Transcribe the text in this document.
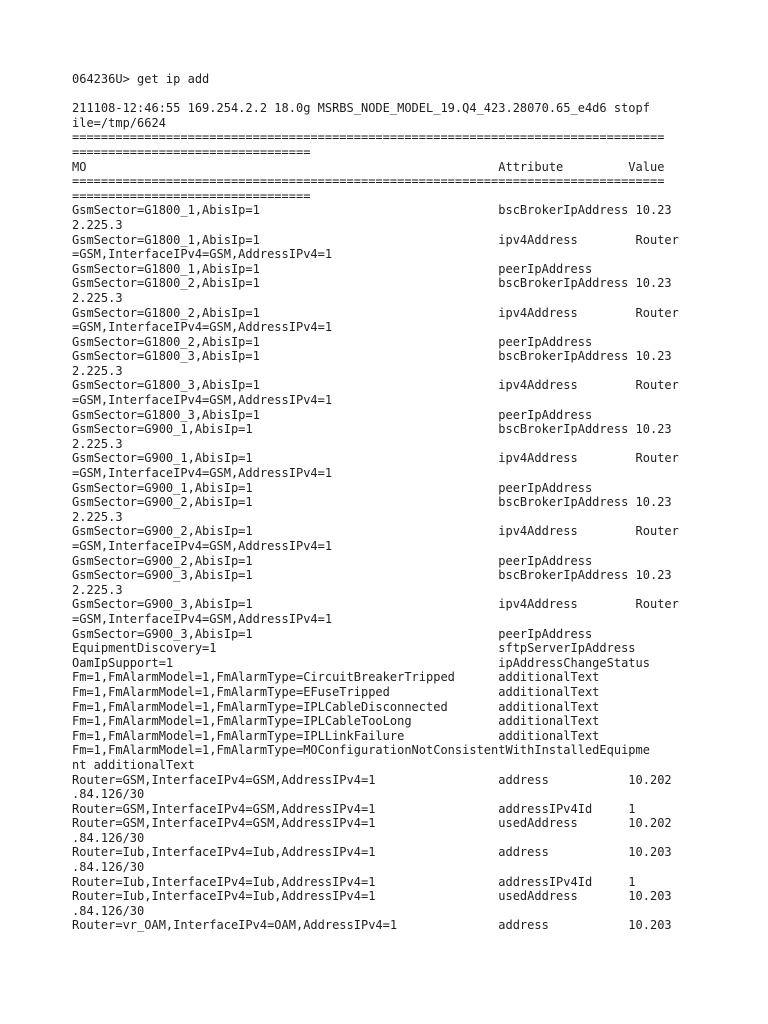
064236U> get ip add
211108-12:46:55 169.254.2.2 18.0g MSRBS_NODE_MODEL_19.Q4_423.28070.65_e4d6 stopf
ile=/tmp/6624
==================================================================================
=================================
MO                                                         Attribute         Value
==================================================================================
=================================
GsmSector=G1800_1,AbisIp=1                                 bscBrokerIpAddress 10.23
2.225.3
GsmSector=G1800_1,AbisIp=1                                 ipv4Address        Router
=GSM,InterfaceIPv4=GSM,AddressIPv4=1
GsmSector=G1800_1,AbisIp=1                                 peerIpAddress
GsmSector=G1800_2,AbisIp=1                                 bscBrokerIpAddress 10.23
2.225.3
GsmSector=G1800_2,AbisIp=1                                 ipv4Address        Router
=GSM,InterfaceIPv4=GSM,AddressIPv4=1
GsmSector=G1800_2,AbisIp=1                                 peerIpAddress
GsmSector=G1800_3,AbisIp=1                                 bscBrokerIpAddress 10.23
2.225.3
GsmSector=G1800_3,AbisIp=1                                 ipv4Address        Router
=GSM,InterfaceIPv4=GSM,AddressIPv4=1
GsmSector=G1800_3,AbisIp=1                                 peerIpAddress
GsmSector=G900_1,AbisIp=1                                  bscBrokerIpAddress 10.23
2.225.3
GsmSector=G900_1,AbisIp=1                                  ipv4Address        Router
=GSM,InterfaceIPv4=GSM,AddressIPv4=1
GsmSector=G900_1,AbisIp=1                                  peerIpAddress
GsmSector=G900_2,AbisIp=1                                  bscBrokerIpAddress 10.23
2.225.3
GsmSector=G900_2,AbisIp=1                                  ipv4Address        Router
=GSM,InterfaceIPv4=GSM,AddressIPv4=1
GsmSector=G900_2,AbisIp=1                                  peerIpAddress
GsmSector=G900_3,AbisIp=1                                  bscBrokerIpAddress 10.23
2.225.3
GsmSector=G900_3,AbisIp=1                                  ipv4Address        Router
=GSM,InterfaceIPv4=GSM,AddressIPv4=1
GsmSector=G900_3,AbisIp=1                                  peerIpAddress
EquipmentDiscovery=1                                       sftpServerIpAddress
OamIpSupport=1                                             ipAddressChangeStatus
Fm=1,FmAlarmModel=1,FmAlarmType=CircuitBreakerTripped      additionalText
Fm=1,FmAlarmModel=1,FmAlarmType=EFuseTripped               additionalText
Fm=1,FmAlarmModel=1,FmAlarmType=IPLCableDisconnected       additionalText
Fm=1,FmAlarmModel=1,FmAlarmType=IPLCableTooLong            additionalText
Fm=1,FmAlarmModel=1,FmAlarmType=IPLLinkFailure             additionalText
Fm=1,FmAlarmModel=1,FmAlarmType=MOConfigurationNotConsistentWithInstalledEquipme
nt additionalText
Router=GSM,InterfaceIPv4=GSM,AddressIPv4=1                 address           10.202
.84.126/30
Router=GSM,InterfaceIPv4=GSM,AddressIPv4=1                 addressIPv4Id     1
Router=GSM,InterfaceIPv4=GSM,AddressIPv4=1                 usedAddress       10.202
.84.126/30
Router=Iub,InterfaceIPv4=Iub,AddressIPv4=1                 address           10.203
.84.126/30
Router=Iub,InterfaceIPv4=Iub,AddressIPv4=1                 addressIPv4Id     1
Router=Iub,InterfaceIPv4=Iub,AddressIPv4=1                 usedAddress       10.203
.84.126/30
Router=vr_OAM,InterfaceIPv4=OAM,AddressIPv4=1              address           10.203
